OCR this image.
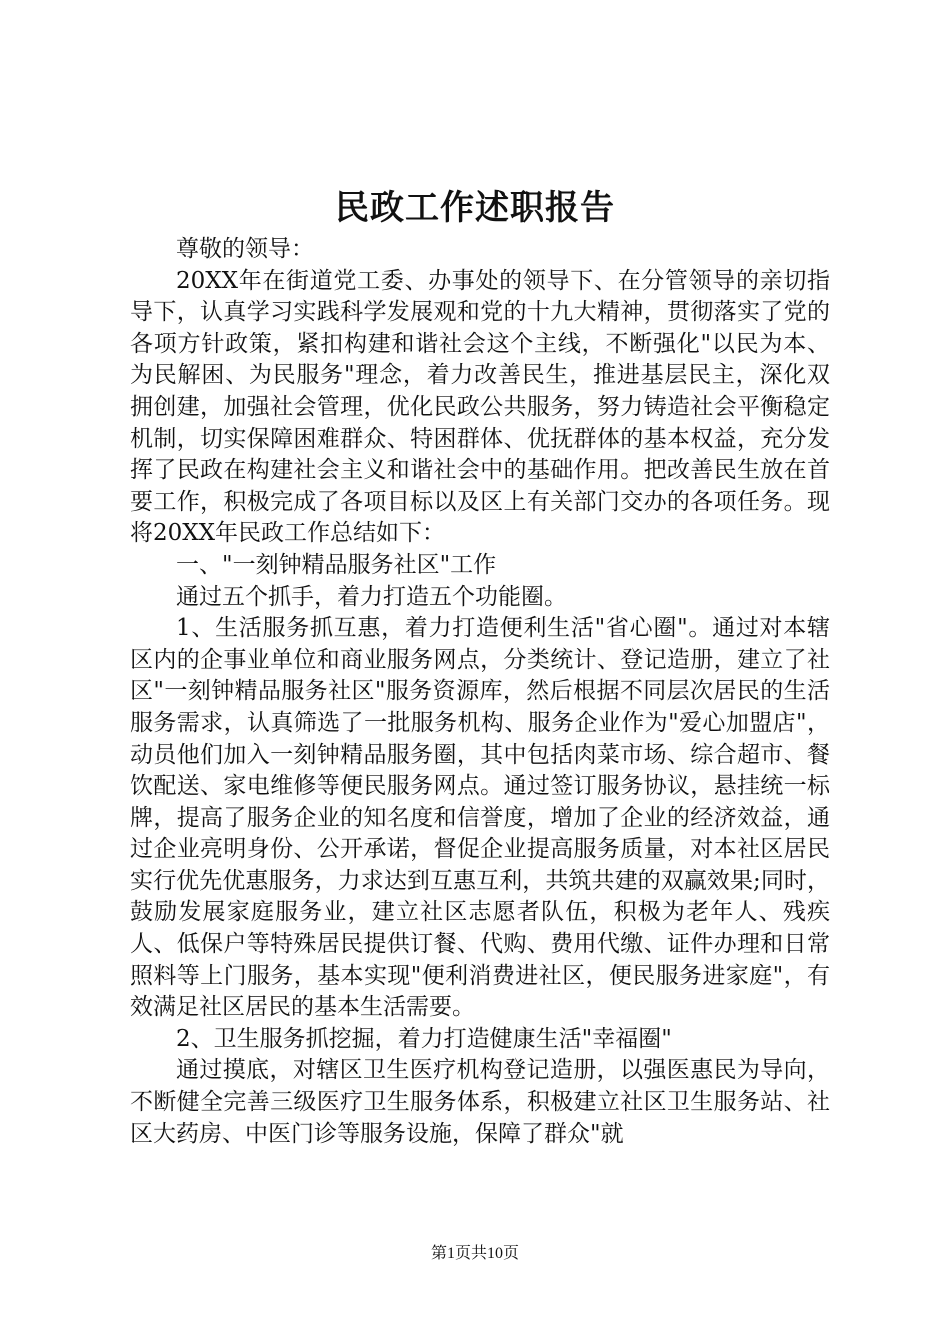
民政工作述职报告

尊敬的领导：

20XX年在街道党工委、办事处的领导下、在分管领导的亲切指导下，认真学习实践科学发展观和党的十九大精神，贯彻落实了党的各项方针政策，紧扣构建和谐社会这个主线，不断强化"以民为本、为民解困、为民服务"理念，着力改善民生，推进基层民主，深化双拥创建，加强社会管理，优化民政公共服务，努力铸造社会平衡稳定机制，切实保障困难群众、特困群体、优抚群体的基本权益，充分发挥了民政在构建社会主义和谐社会中的基础作用。把改善民生放在首要工作，积极完成了各项目标以及区上有关部门交办的各项任务。现将20XX年民政工作总结如下：

一、"一刻钟精品服务社区"工作

通过五个抓手，着力打造五个功能圈。

1、生活服务抓互惠，着力打造便利生活"省心圈"。通过对本辖区内的企事业单位和商业服务网点，分类统计、登记造册，建立了社区"一刻钟精品服务社区"服务资源库，然后根据不同层次居民的生活服务需求，认真筛选了一批服务机构、服务企业作为"爱心加盟店"，动员他们加入一刻钟精品服务圈，其中包括肉菜市场、综合超市、餐饮配送、家电维修等便民服务网点。通过签订服务协议，悬挂统一标牌，提高了服务企业的知名度和信誉度，增加了企业的经济效益，通过企业亮明身份、公开承诺，督促企业提高服务质量，对本社区居民实行优先优惠服务，力求达到互惠互利，共筑共建的双赢效果;同时，鼓励发展家庭服务业，建立社区志愿者队伍，积极为老年人、残疾人、低保户等特殊居民提供订餐、代购、费用代缴、证件办理和日常照料等上门服务，基本实现"便利消费进社区，便民服务进家庭"，有效满足社区居民的基本生活需要。

2、卫生服务抓挖掘，着力打造健康生活"幸福圈"

通过摸底，对辖区卫生医疗机构登记造册，以强医惠民为导向，不断健全完善三级医疗卫生服务体系，积极建立社区卫生服务站、社区大药房、中医门诊等服务设施，保障了群众"就

第1页共10页
